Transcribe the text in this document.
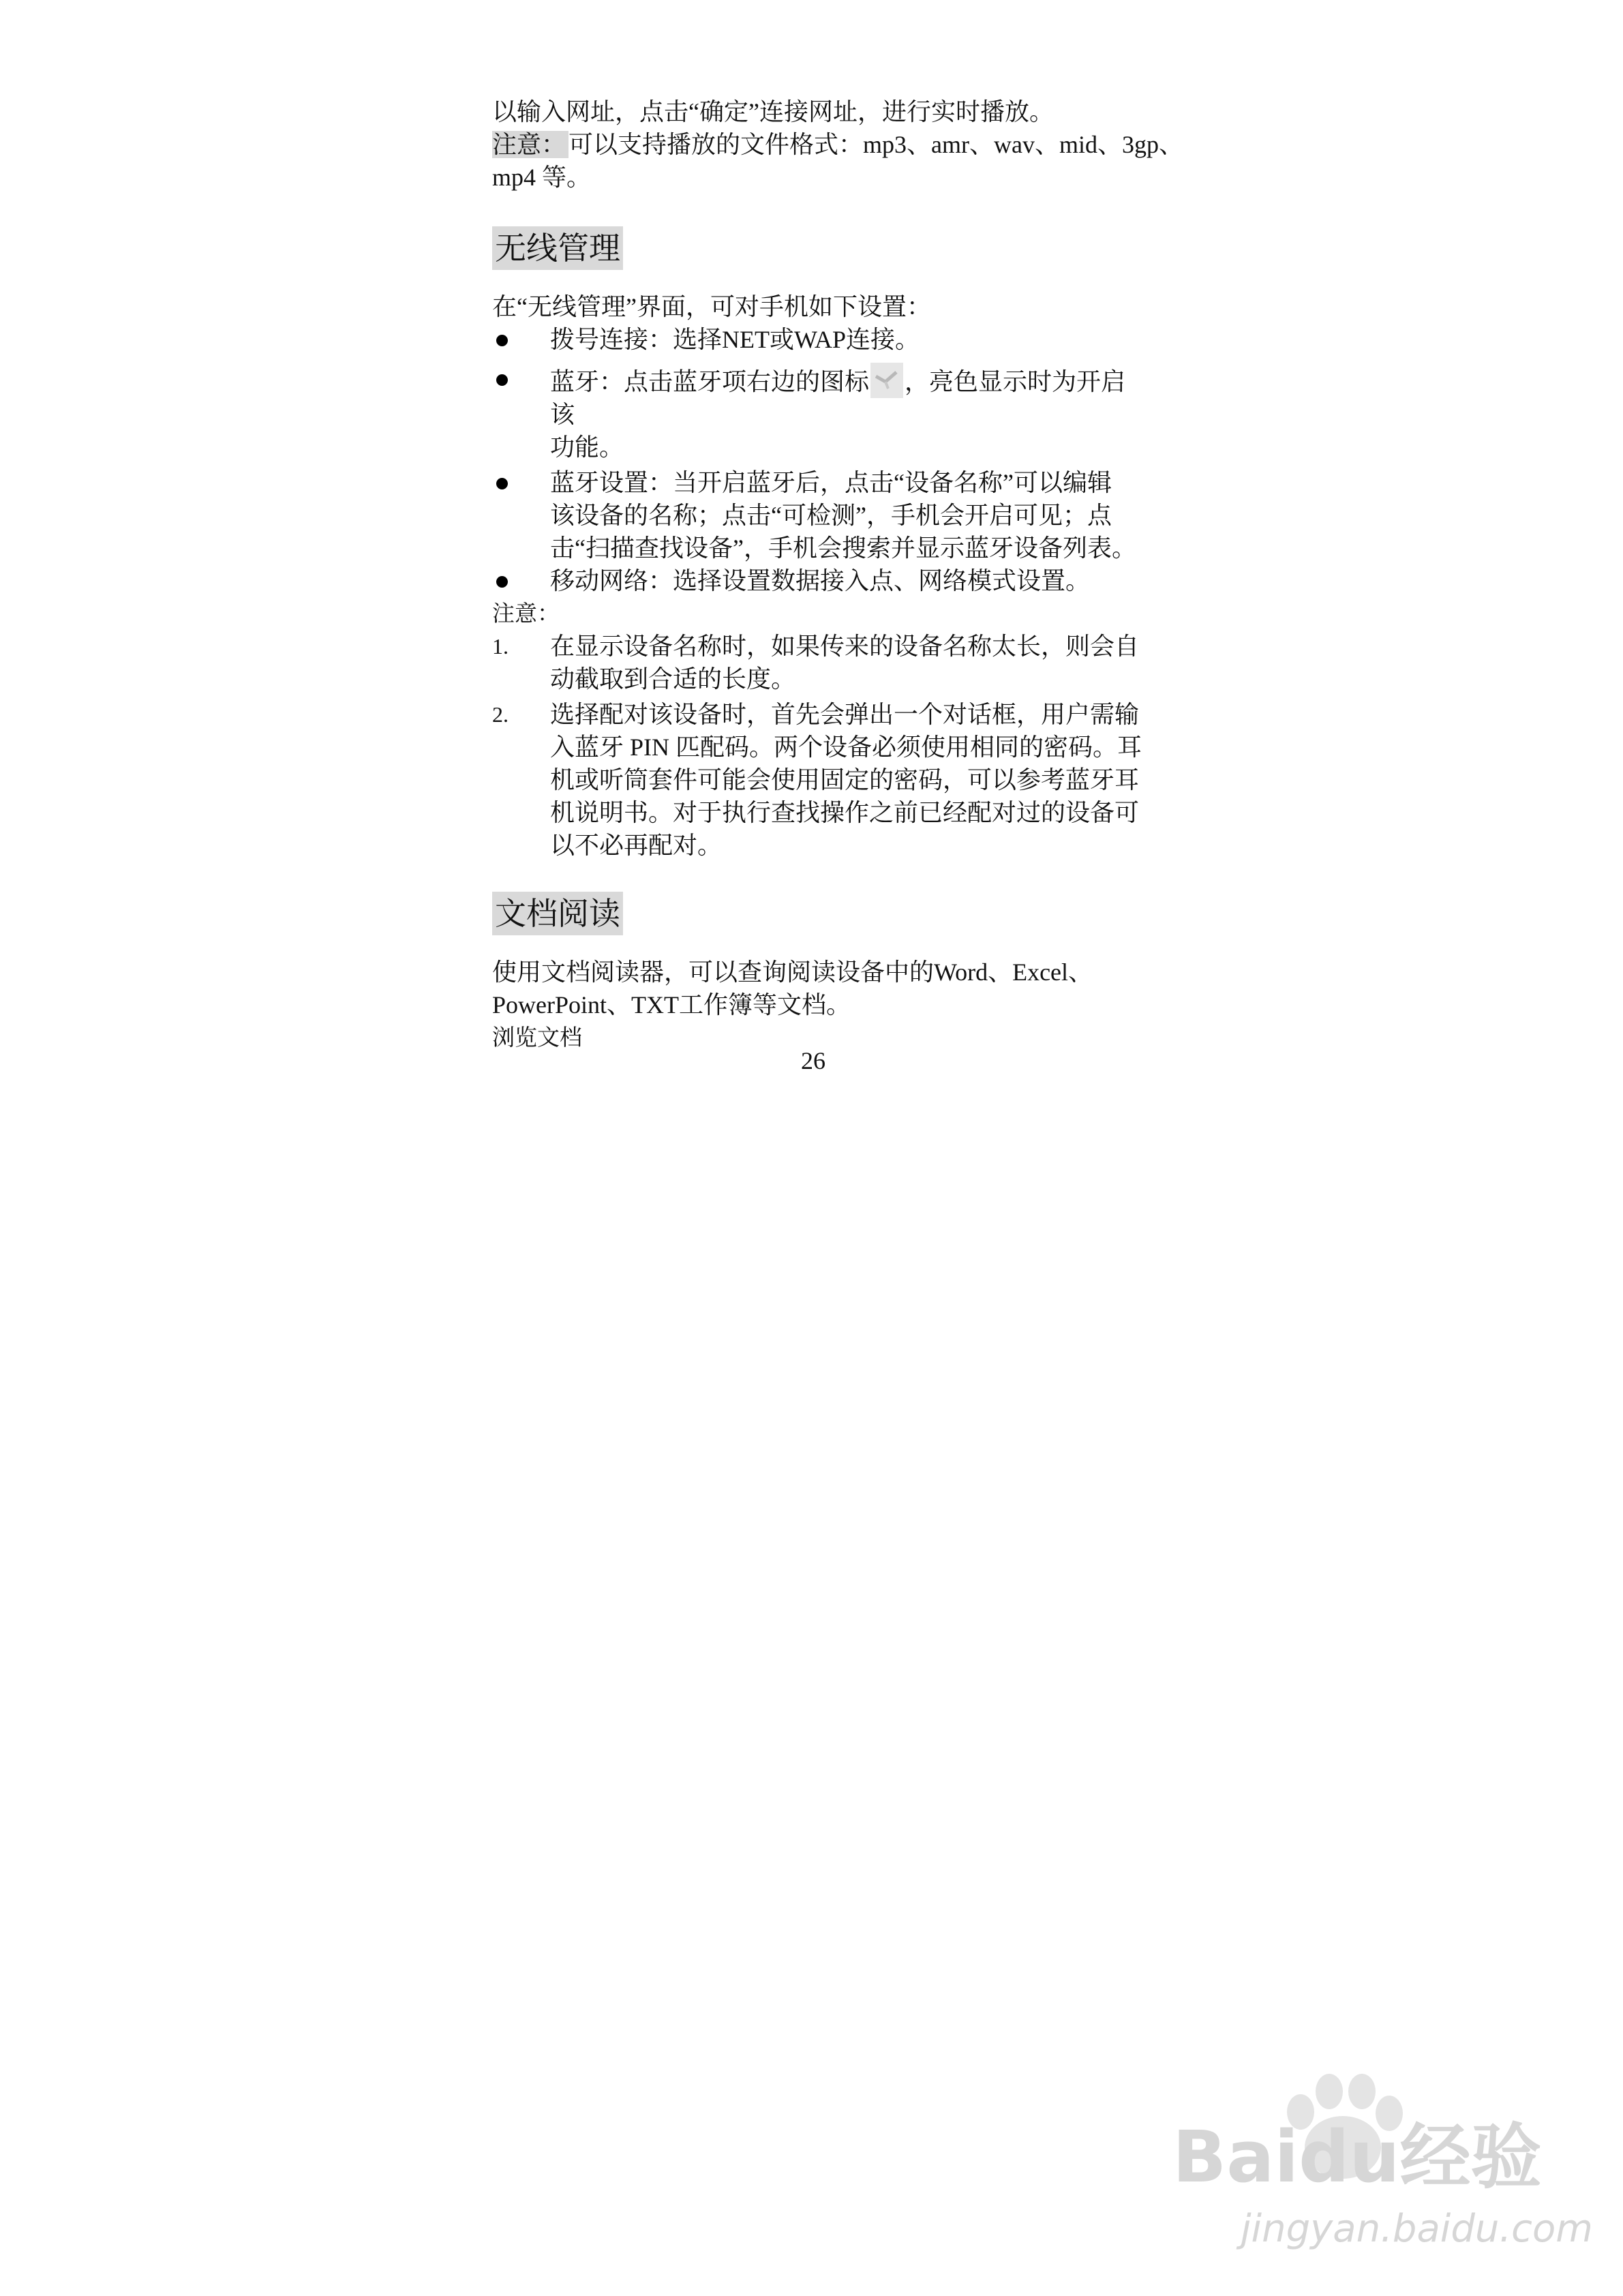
以输入网址，点击“确定”连接网址，进行实时播放。
注意： 可以支持播放的文件格式：mp3、amr、wav、mid、3gp、
mp4 等。
无线管理
在“无线管理”界面，可对手机如下设置：
拨号连接：选择NET或WAP连接。
蓝牙：点击蓝牙项右边的图标 ，亮色显示时为开启该
功能。
蓝牙设置：当开启蓝牙后，点击“设备名称”可以编辑
该设备的名称；点击“可检测”，手机会开启可见；点
击“扫描查找设备”，手机会搜索并显示蓝牙设备列表。
移动网络：选择设置数据接入点、网络模式设置。
注意：
1. 在显示设备名称时，如果传来的设备名称太长，则会自
动截取到合适的长度。
2. 选择配对该设备时，首先会弹出一个对话框，用户需输
入蓝牙 PIN 匹配码。两个设备必须使用相同的密码。耳
机或听筒套件可能会使用固定的密码，可以参考蓝牙耳
机说明书。对于执行查找操作之前已经配对过的设备可
以不必再配对。
文档阅读
使用文档阅读器，可以查询阅读设备中的Word、Excel、
PowerPoint、TXT工作簿等文档。
浏览文档
26
Baidu经验
jingyan.baidu.com
